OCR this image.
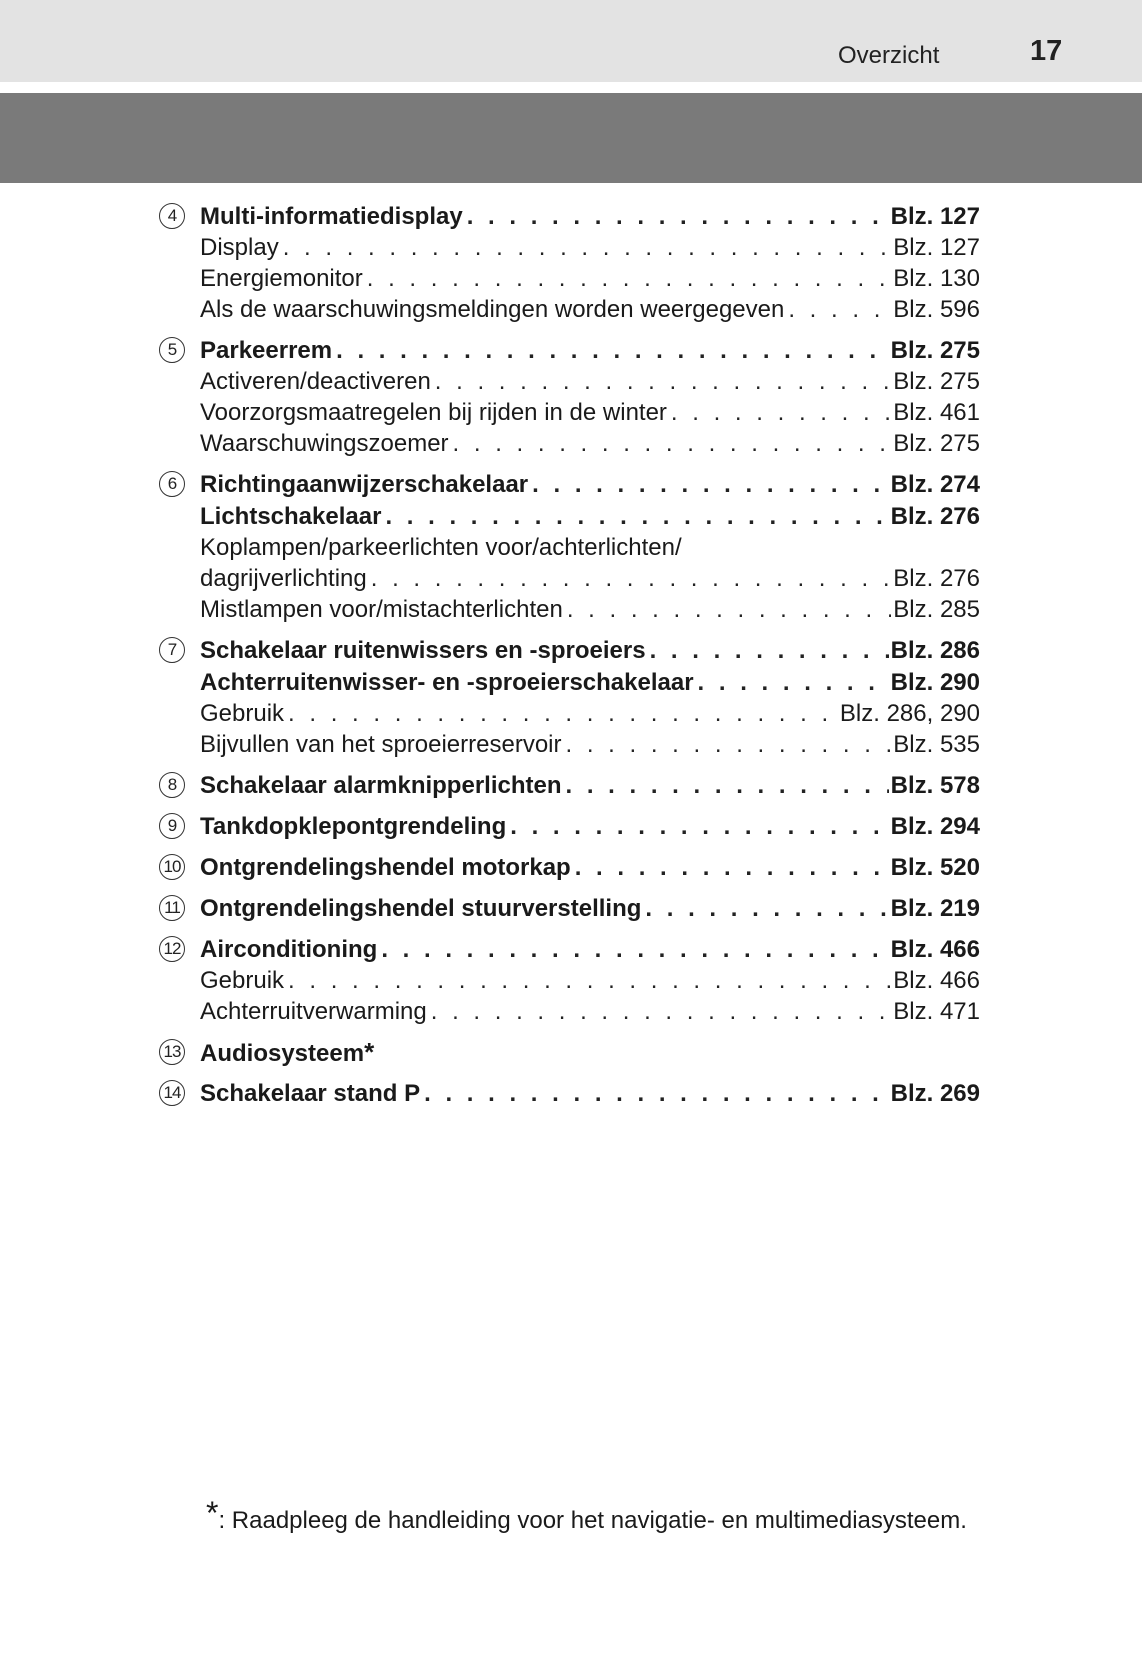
Overzicht	17
4 Multi-informatiedisplay . . .	Blz. 127
Display . . .	Blz. 127
Energiemonitor . . .	Blz. 130
Als de waarschuwingsmeldingen worden weergegeven . . .	Blz. 596
5 Parkeerrem . . .	Blz. 275
Activeren/deactiveren . . .	Blz. 275
Voorzorgsmaatregelen bij rijden in de winter . . .	Blz. 461
Waarschuwingszoemer . . .	Blz. 275
6 Richtingaanwijzerschakelaar . . .	Blz. 274
Lichtschakelaar . . .	Blz. 276
Koplampen/parkeerlichten voor/achterlichten/
dagrijverlichting . . .	Blz. 276
Mistlampen voor/mistachterlichten . . .	Blz. 285
7 Schakelaar ruitenwissers en -sproeiers . . .	Blz. 286
Achterruitenwisser- en -sproeierschakelaar . . .	Blz. 290
Gebruik . . .	Blz. 286, 290
Bijvullen van het sproeierreservoir . . .	Blz. 535
8 Schakelaar alarmknipperlichten . . .	Blz. 578
9 Tankdopklepontgrendeling . . .	Blz. 294
10 Ontgrendelingshendel motorkap . . .	Blz. 520
11 Ontgrendelingshendel stuurverstelling . . .	Blz. 219
12 Airconditioning . . .	Blz. 466
Gebruik . . .	Blz. 466
Achterruitverwarming . . .	Blz. 471
13 Audiosysteem *
14 Schakelaar stand P . . .	Blz. 269
*: Raadpleeg de handleiding voor het navigatie- en multimediasysteem.
